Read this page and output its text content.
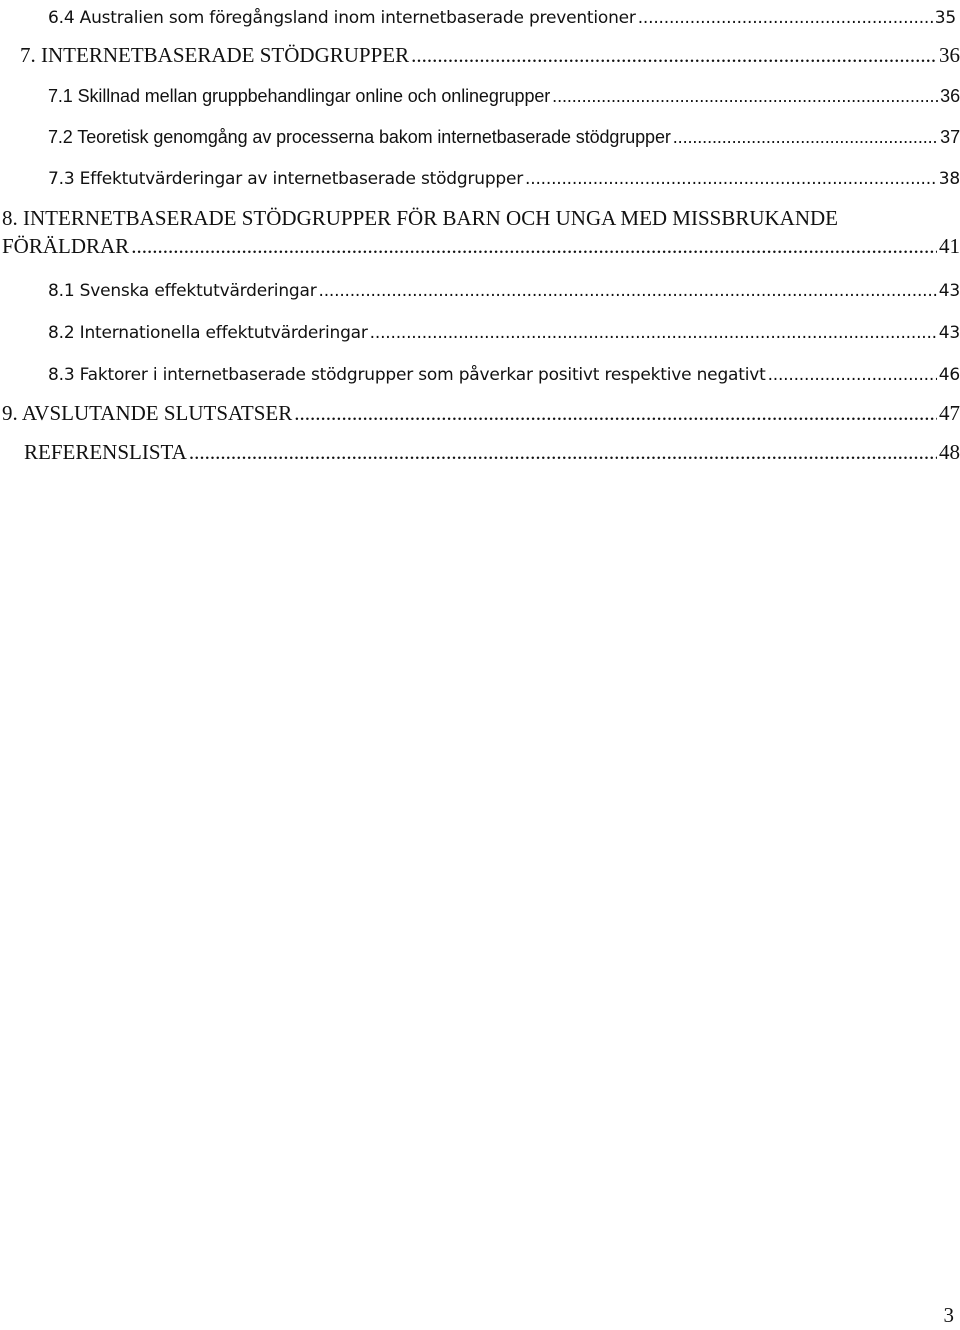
6.4 Australien som föregångsland inom internetbaserade preventioner .....	35
7. INTERNETBASERADE STÖDGRUPPER .....	36
7.1 Skillnad mellan gruppbehandlingar online och onlinegrupper .....	36
7.2 Teoretisk genomgång av processerna bakom internetbaserade stödgrupper .....	37
7.3 Effektutvärderingar av internetbaserade stödgrupper .....	38
8. INTERNETBASERADE STÖDGRUPPER FÖR BARN OCH UNGA MED MISSBRUKANDE
FÖRÄLDRAR .....	41
8.1 Svenska effektutvärderingar .....	43
8.2 Internationella effektutvärderingar .....	43
8.3 Faktorer i internetbaserade stödgrupper som påverkar positivt respektive negativt .....	46
9. AVSLUTANDE SLUTSATSER .....	47
REFERENSLISTA .....	48
3
